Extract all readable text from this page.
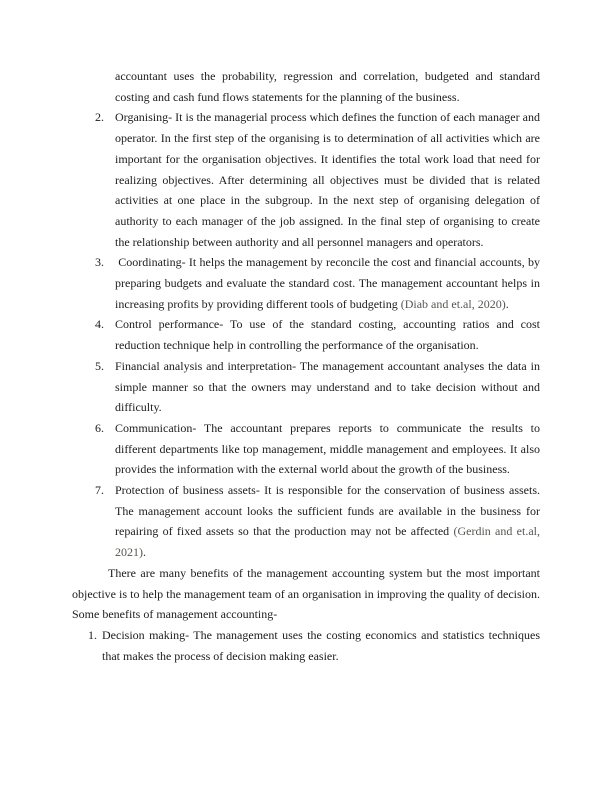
accountant uses the probability, regression and correlation, budgeted and standard costing and cash fund flows statements for the planning of the business.
2. Organising- It is the managerial process which defines the function of each manager and operator. In the first step of the organising is to determination of all activities which are important for the organisation objectives. It identifies the total work load that need for realizing objectives. After determining all objectives must be divided that is related activities at one place in the subgroup. In the next step of organising delegation of authority to each manager of the job assigned. In the final step of organising to create the relationship between authority and all personnel managers and operators.
3. Coordinating- It helps the management by reconcile the cost and financial accounts, by preparing budgets and evaluate the standard cost. The management accountant helps in increasing profits by providing different tools of budgeting (Diab and et.al, 2020).
4. Control performance- To use of the standard costing, accounting ratios and cost reduction technique help in controlling the performance of the organisation.
5. Financial analysis and interpretation- The management accountant analyses the data in simple manner so that the owners may understand and to take decision without and difficulty.
6. Communication- The accountant prepares reports to communicate the results to different departments like top management, middle management and employees. It also provides the information with the external world about the growth of the business.
7. Protection of business assets- It is responsible for the conservation of business assets. The management account looks the sufficient funds are available in the business for repairing of fixed assets so that the production may not be affected (Gerdin and et.al, 2021).
There are many benefits of the management accounting system but the most important objective is to help the management team of an organisation in improving the quality of decision. Some benefits of management accounting-
1. Decision making- The management uses the costing economics and statistics techniques that makes the process of decision making easier.
